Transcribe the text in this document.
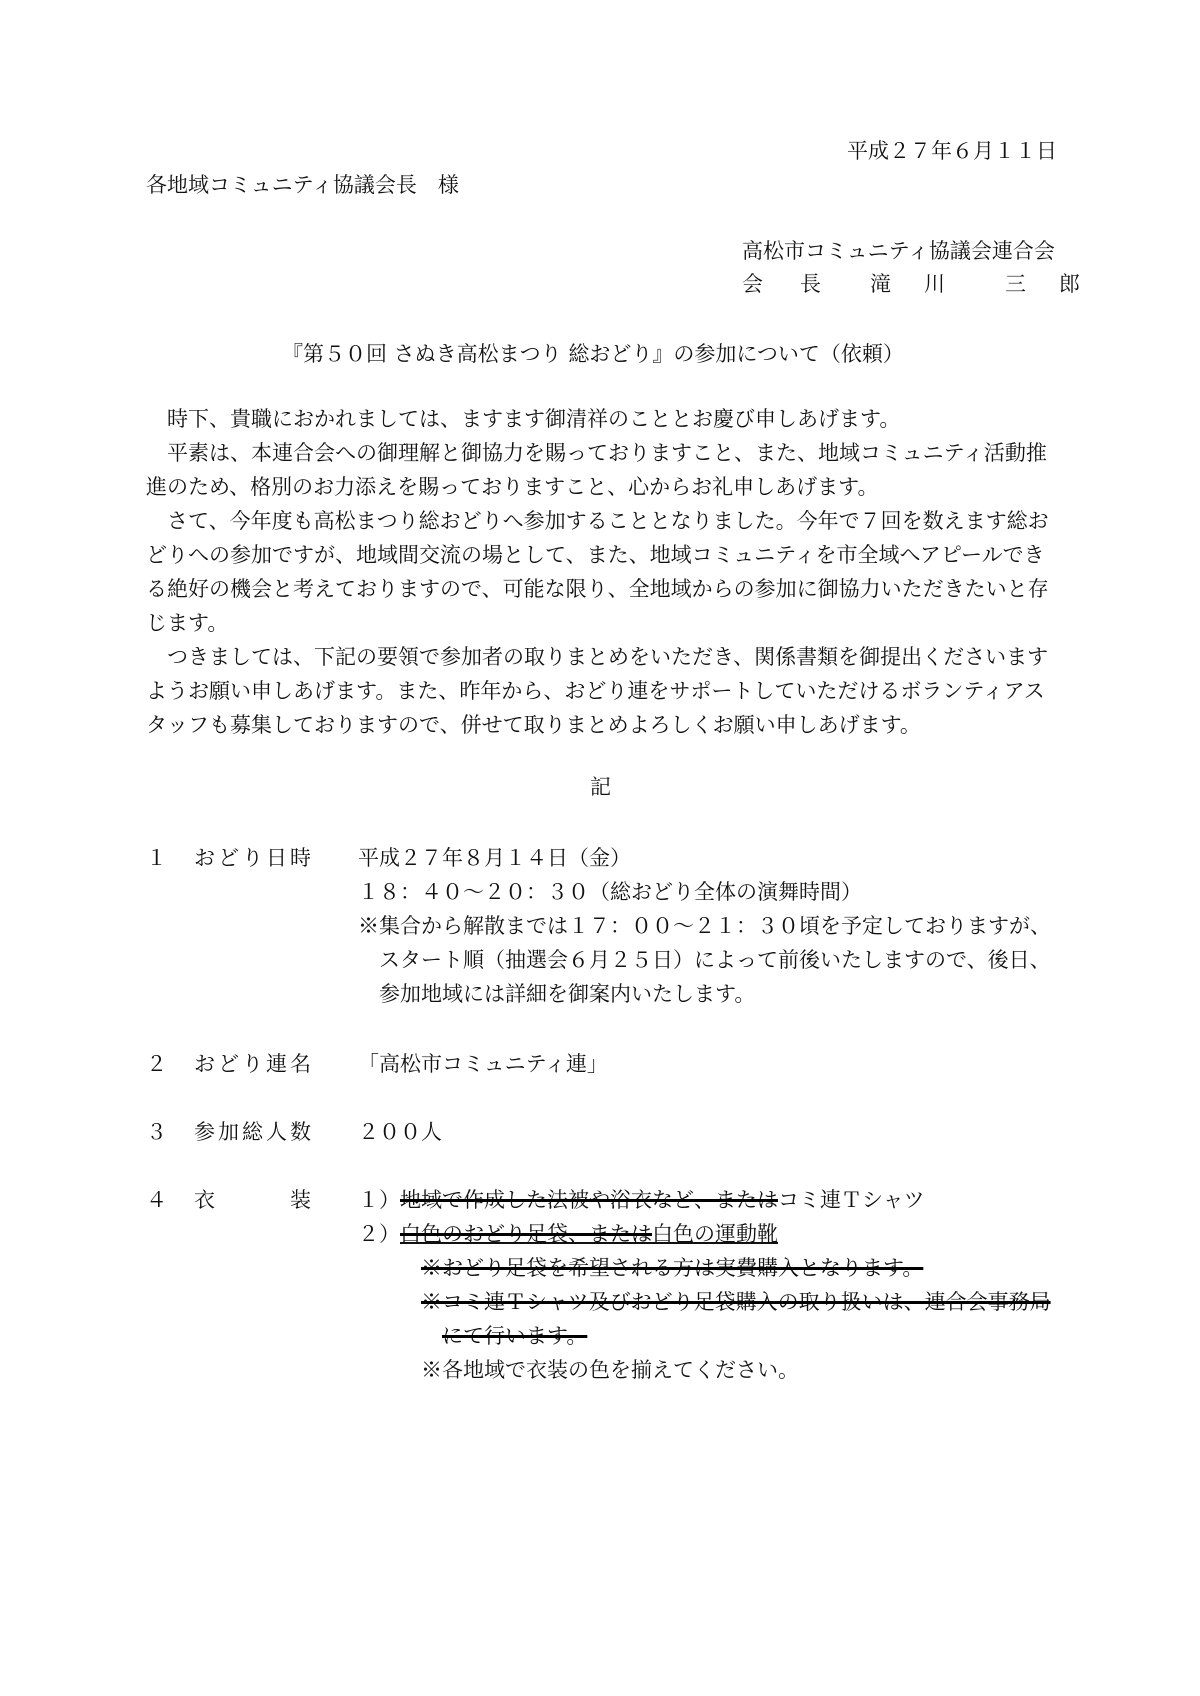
平成２７年６月１１日
各地域コミュニティ協議会長　様
高松市コミュニティ協議会連合会
会　長 滝　川　　三　郎
『第５０回 さぬき高松まつり 総おどり』の参加について（依頼）
時下、貴職におかれましては、ますます御清祥のこととお慶び申しあげます。
平素は、本連合会への御理解と御協力を賜っておりますこと、また、地域コミュニティ活動推
進のため、格別のお力添えを賜っておりますこと、心からお礼申しあげます。
さて、今年度も高松まつり総おどりへ参加することとなりました。今年で７回を数えます総お
どりへの参加ですが、地域間交流の場として、また、地域コミュニティを市全域へアピールでき
る絶好の機会と考えておりますので、可能な限り、全地域からの参加に御協力いただきたいと存
じます。
つきましては、下記の要領で参加者の取りまとめをいただき、関係書類を御提出くださいます
ようお願い申しあげます。また、昨年から、おどり連をサポートしていただけるボランティアス
タッフも募集しておりますので、併せて取りまとめよろしくお願い申しあげます。
記
１　おどり日時 平成２７年８月１４日（金）
１８：４０～２０：３０（総おどり全体の演舞時間）
※集合から解散までは１７：００～２１：３０頃を予定しておりますが、
スタート順（抽選会６月２５日）によって前後いたしますので、後日、
参加地域には詳細を御案内いたします。
２　おどり連名 「高松市コミュニティ連」
３　参加総人数 ２００人
４　衣　　　装 １）地域で作成した法被や浴衣など、またはコミ連Ｔシャツ
２）白色のおどり足袋、または白色の運動靴
※おどり足袋を希望される方は実費購入となります。
※コミ連Ｔシャツ及びおどり足袋購入の取り扱いは、連合会事務局
にて行います。
※各地域で衣装の色を揃えてください。
